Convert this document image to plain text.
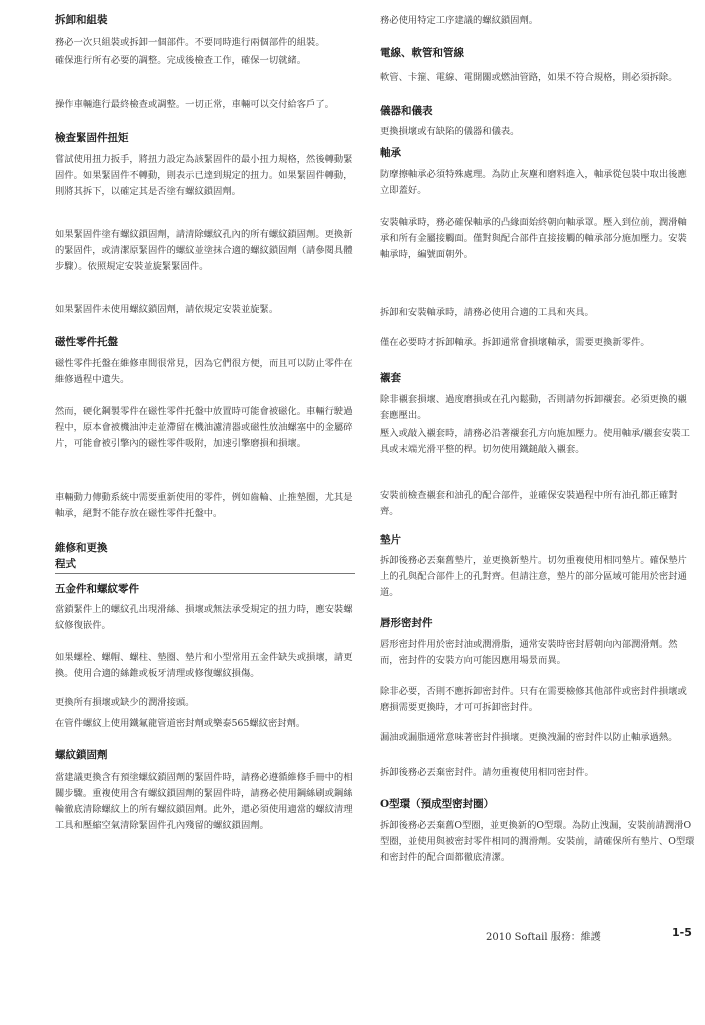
拆卸和組裝
務必一次只組裝或拆卸一個部件。不要同時進行兩個部件的組裝。
確保進行所有必要的調整。完成後檢查工作，確保一切就緒。
操作車輛進行最終檢查或調整。一切正常，車輛可以交付給客戶了。
檢查緊固件扭矩
嘗試使用扭力扳手，將扭力設定為該緊固件的最小扭力規格，然後轉動緊固件。如果緊固件不轉動，則表示已達到規定的扭力。如果緊固件轉動，則將其拆下，以確定其是否塗有螺紋鎖固劑。
如果緊固件塗有螺紋鎖固劑，請清除螺紋孔內的所有螺紋鎖固劑。更換新的緊固件，或清潔原緊固件的螺紋並塗抹合適的螺紋鎖固劑（請參閱具體步驟）。依照規定安裝並旋緊緊固件。
如果緊固件未使用螺紋鎖固劑，請依規定安裝並旋緊。
磁性零件托盤
磁性零件托盤在維修車間很常見，因為它們很方便，而且可以防止零件在維修過程中遺失。
然而，硬化鋼製零件在磁性零件托盤中放置時可能會被磁化。車輛行駛過程中，原本會被機油沖走並滯留在機油濾清器或磁性放油螺塞中的金屬碎片，可能會被引擎內的磁性零件吸附，加速引擎磨損和損壞。
車輛動力傳動系統中需要重新使用的零件，例如齒輪、止推墊圈，尤其是軸承，絕對不能存放在磁性零件托盤中。
維修和更換
程式
五金件和螺紋零件
當鎖緊件上的螺紋孔出現滑絲、損壞或無法承受規定的扭力時，應安裝螺紋修復嵌件。
如果螺栓、螺帽、螺柱、墊圈、墊片和小型常用五金件缺失或損壞，請更換。使用合適的絲錐或板牙清理或修復螺紋損傷。
更換所有損壞或缺少的潤滑接頭。
在管件螺紋上使用鐵氟龍管道密封劑或樂泰565螺紋密封劑。
螺紋鎖固劑
當建議更換含有預塗螺紋鎖固劑的緊固件時，請務必遵循維修手冊中的相關步驟。重複使用含有螺紋鎖固劑的緊固件時，請務必使用鋼絲刷或鋼絲輪徹底清除螺紋上的所有螺紋鎖固劑。此外，還必須使用適當的螺紋清理工具和壓縮空氣清除緊固件孔內殘留的螺紋鎖固劑。
務必使用特定工序建議的螺紋鎖固劑。
電線、軟管和管線
軟管、卡箍、電線、電開關或燃油管路，如果不符合規格，則必須拆除。
儀器和儀表
更換損壞或有缺陷的儀器和儀表。
軸承
防摩擦軸承必須特殊處理。為防止灰塵和磨料進入，軸承從包裝中取出後應立即蓋好。
安裝軸承時，務必確保軸承的凸緣面始終朝向軸承罩。壓入到位前，潤滑軸承和所有金屬接觸面。僅對與配合部件直接接觸的軸承部分施加壓力。安裝軸承時，編號面朝外。
拆卸和安裝軸承時，請務必使用合適的工具和夾具。
僅在必要時才拆卸軸承。拆卸通常會損壞軸承，需要更換新零件。
襯套
除非襯套損壞、過度磨損或在孔內鬆動，否則請勿拆卸襯套。必須更換的襯套應壓出。
壓入或敲入襯套時，請務必沿著襯套孔方向施加壓力。使用軸承/襯套安裝工具或末端光滑平整的桿。切勿使用鐵鎚敲入襯套。
安裝前檢查襯套和油孔的配合部件，並確保安裝過程中所有油孔都正確對齊。
墊片
拆卸後務必丟棄舊墊片，並更換新墊片。切勿重複使用相同墊片。確保墊片上的孔與配合部件上的孔對齊。但請注意，墊片的部分區域可能用於密封通道。
唇形密封件
唇形密封件用於密封油或潤滑脂，通常安裝時密封唇朝向內部潤滑劑。然而，密封件的安裝方向可能因應用場景而異。
除非必要，否則不應拆卸密封件。只有在需要檢修其他部件或密封件損壞或磨損需要更換時，才可可拆卸密封件。
漏油或漏脂通常意味著密封件損壞。更換洩漏的密封件以防止軸承過熱。
拆卸後務必丟棄密封件。請勿重複使用相同密封件。
O型環（預成型密封圈）
拆卸後務必丟棄舊O型圈，並更換新的O型環。為防止洩漏，安裝前請潤滑O型圈，並使用與被密封零件相同的潤滑劑。安裝前，請確保所有墊片、O型環和密封件的配合面都徹底清潔。
2010 Softail 服務：維護	1-5
